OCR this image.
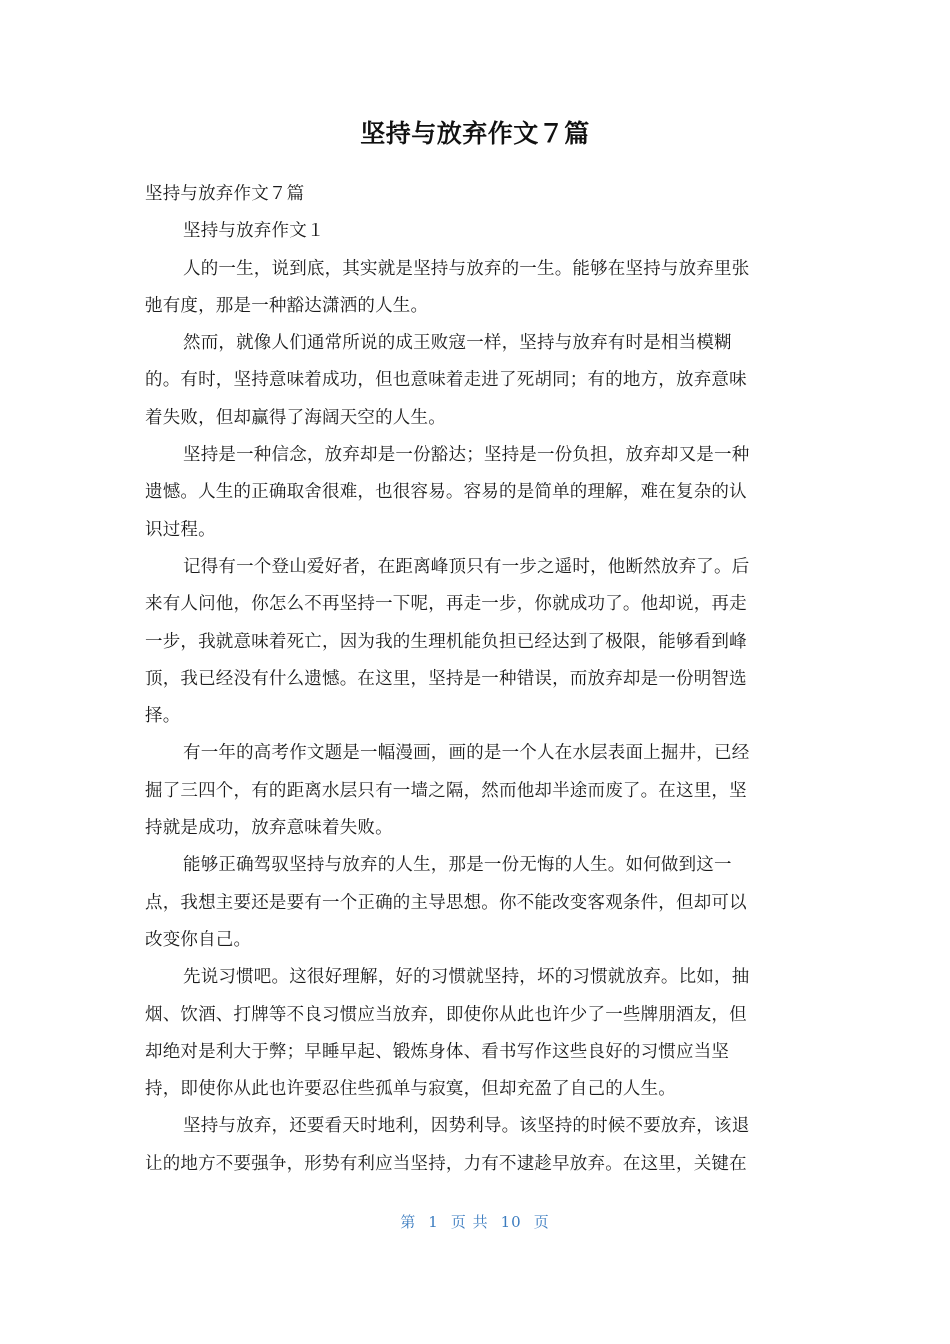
坚持与放弃作文７篇

坚持与放弃作文７篇

坚持与放弃作文１

人的一生，说到底，其实就是坚持与放弃的一生。能够在坚持与放弃里张

弛有度，那是一种豁达潇洒的人生。

然而，就像人们通常所说的成王败寇一样，坚持与放弃有时是相当模糊

的。有时，坚持意味着成功，但也意味着走进了死胡同；有的地方，放弃意味

着失败，但却赢得了海阔天空的人生。

坚持是一种信念，放弃却是一份豁达；坚持是一份负担，放弃却又是一种

遗憾。人生的正确取舍很难，也很容易。容易的是简单的理解，难在复杂的认

识过程。

记得有一个登山爱好者，在距离峰顶只有一步之遥时，他断然放弃了。后

来有人问他，你怎么不再坚持一下呢，再走一步，你就成功了。他却说，再走

一步，我就意味着死亡，因为我的生理机能负担已经达到了极限，能够看到峰

顶，我已经没有什么遗憾。在这里，坚持是一种错误，而放弃却是一份明智选

择。

有一年的高考作文题是一幅漫画，画的是一个人在水层表面上掘井，已经

掘了三四个，有的距离水层只有一墙之隔，然而他却半途而废了。在这里，坚

持就是成功，放弃意味着失败。

能够正确驾驭坚持与放弃的人生，那是一份无悔的人生。如何做到这一

点，我想主要还是要有一个正确的主导思想。你不能改变客观条件，但却可以

改变你自己。

先说习惯吧。这很好理解，好的习惯就坚持，坏的习惯就放弃。比如，抽

烟、饮酒、打牌等不良习惯应当放弃，即使你从此也许少了一些牌朋酒友，但

却绝对是利大于弊；早睡早起、锻炼身体、看书写作这些良好的习惯应当坚

持，即使你从此也许要忍住些孤单与寂寞，但却充盈了自己的人生。

坚持与放弃，还要看天时地利，因势利导。该坚持的时候不要放弃，该退

让的地方不要强争，形势有利应当坚持，力有不逮趁早放弃。在这里，关键在

第 1 页 共 10 页
